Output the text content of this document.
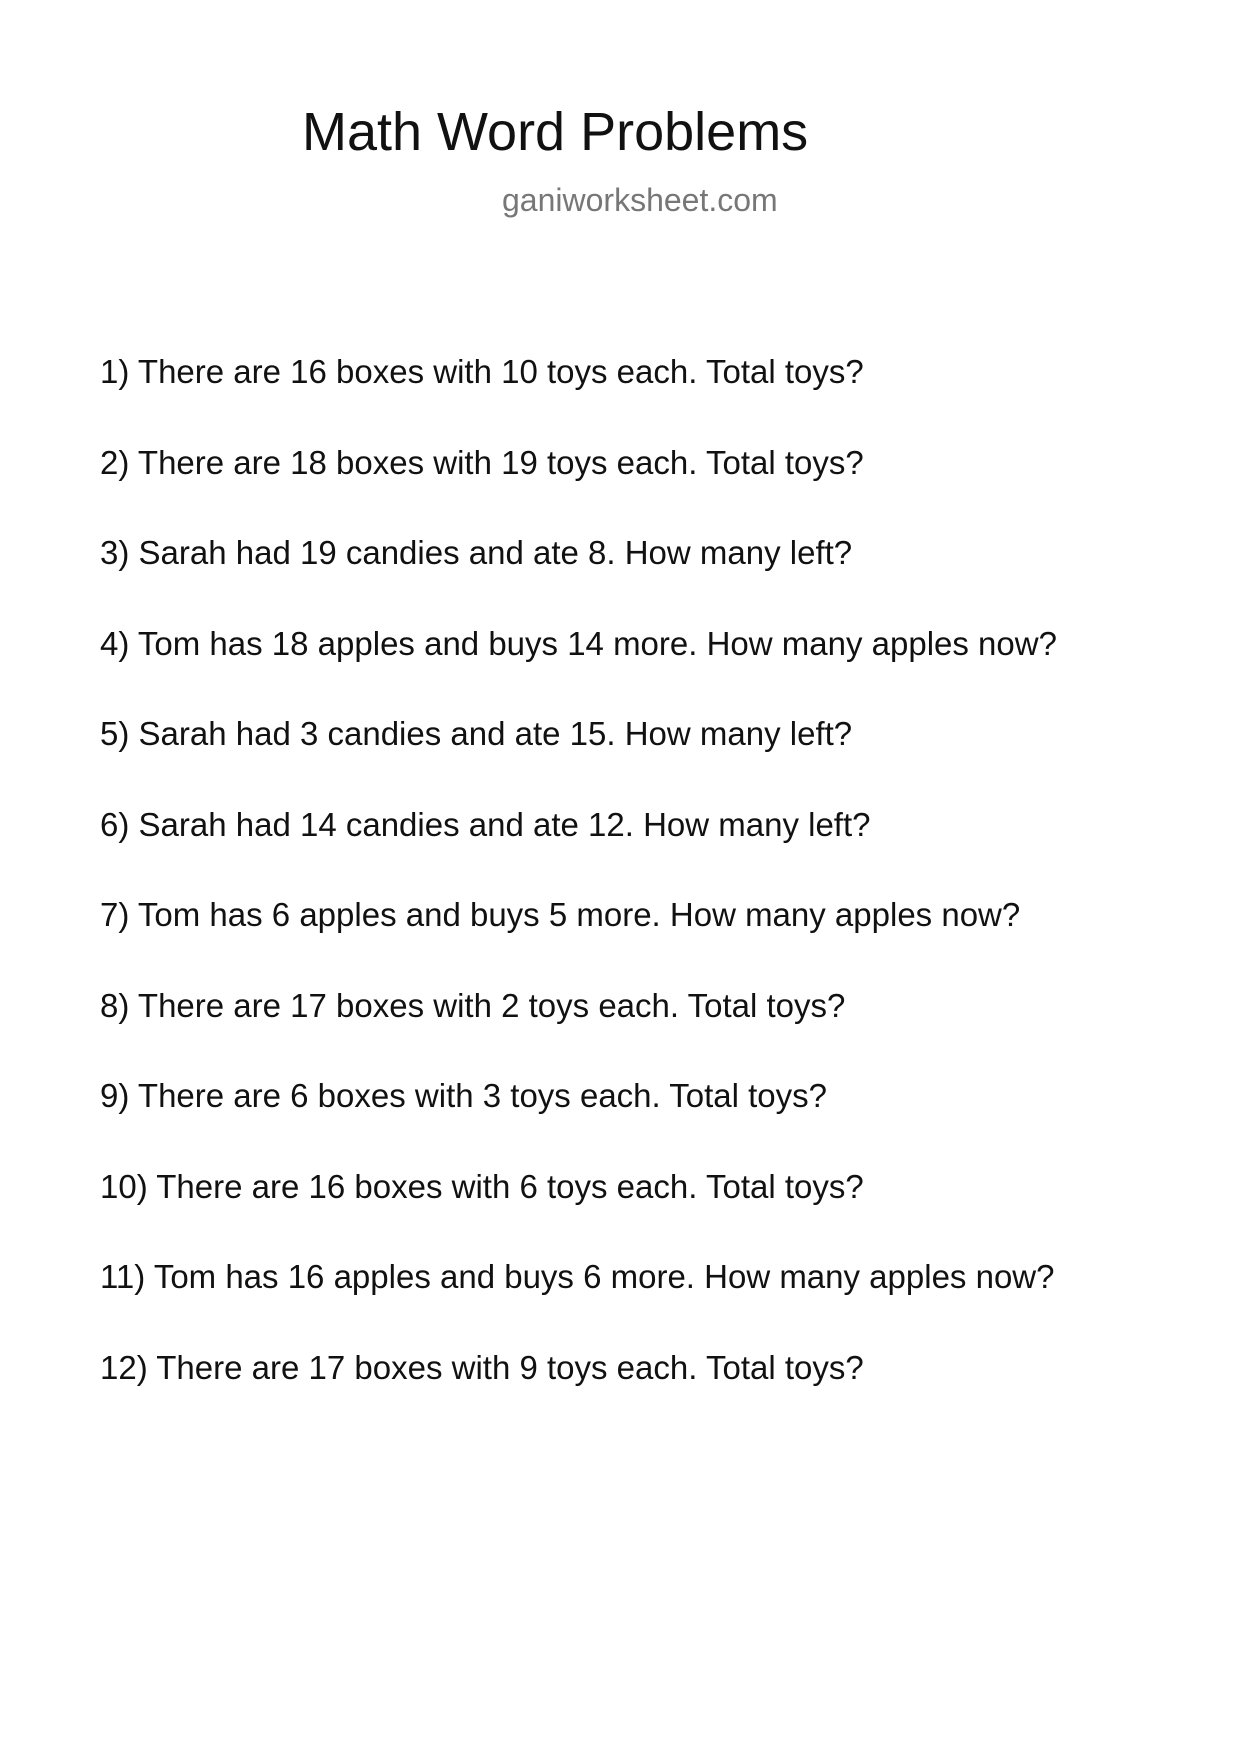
Math Word Problems
ganiworksheet.com
1) There are 16 boxes with 10 toys each. Total toys?
2) There are 18 boxes with 19 toys each. Total toys?
3) Sarah had 19 candies and ate 8. How many left?
4) Tom has 18 apples and buys 14 more. How many apples now?
5) Sarah had 3 candies and ate 15. How many left?
6) Sarah had 14 candies and ate 12. How many left?
7) Tom has 6 apples and buys 5 more. How many apples now?
8) There are 17 boxes with 2 toys each. Total toys?
9) There are 6 boxes with 3 toys each. Total toys?
10) There are 16 boxes with 6 toys each. Total toys?
11) Tom has 16 apples and buys 6 more. How many apples now?
12) There are 17 boxes with 9 toys each. Total toys?
